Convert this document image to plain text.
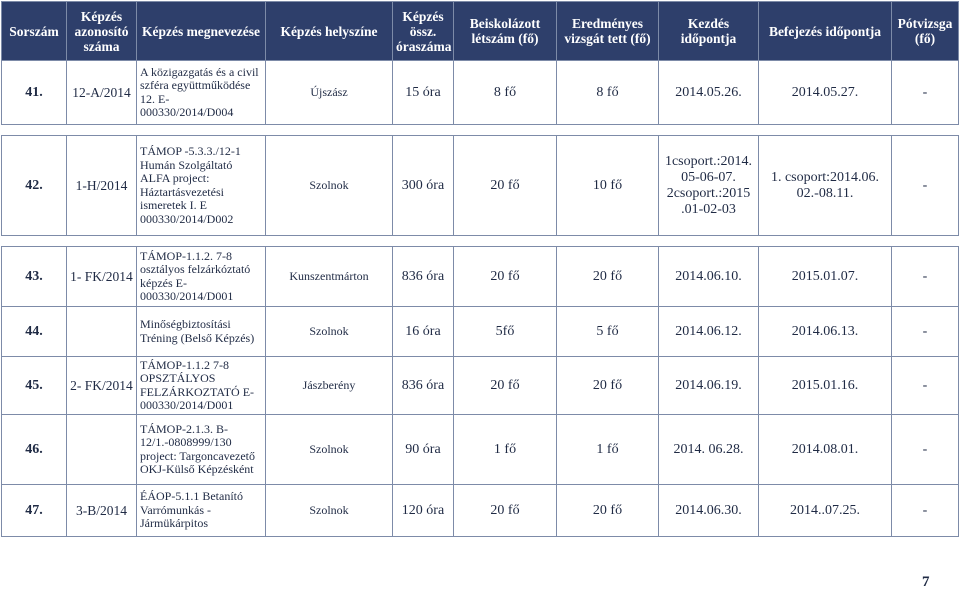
Sorszám	Képzés azonosító száma	Képzés megnevezése	Képzés helyszíne	Képzés össz. óraszáma	Beiskolázott létszám (fő)	Eredményes vizsgát tett (fő)	Kezdés időpontja	Befejezés időpontja	Pótvizsga (fő)
41.	12-A/2014	A közigazgatás és a civil szféra együttműködése 12. E-000330/2014/D004	Újszász	15 óra	8 fő	8 fő	2014.05.26.	2014.05.27.	-

42.	1-H/2014	TÁMOP -5.3.3./12-1 Humán Szolgáltató ALFA project: Háztartásvezetési ismeretek I. E 000330/2014/D002	Szolnok	300 óra	20 fő	10 fő	1csoport.:2014. 05-06-07. 2csoport.:2015 .01-02-03	1. csoport:2014.06. 02.-08.11.	-

43.	1- FK/2014	TÁMOP-1.1.2. 7-8 osztályos felzárkóztató képzés E-000330/2014/D001	Kunszentmárton	836 óra	20 fő	20 fő	2014.06.10.	2015.01.07.	-
44.		Minőségbiztosítási Tréning (Belső Képzés)	Szolnok	16 óra	5fő	5 fő	2014.06.12.	2014.06.13.	-
45.	2- FK/2014	TÁMOP-1.1.2 7-8 OPSZTÁLYOS FELZÁRKOZTATÓ E-000330/2014/D001	Jászberény	836 óra	20 fő	20 fő	2014.06.19.	2015.01.16.	-
46.		TÁMOP-2.1.3. B-12/1.-0808999/130 project: Targoncavezető OKJ-Külső Képzésként	Szolnok	90 óra	1 fő	1 fő	2014. 06.28.	2014.08.01.	-
47.	3-B/2014	ÉÁOP-5.1.1 Betanító Varrómunkás - Jármükárpitos	Szolnok	120 óra	20 fő	20 fő	2014.06.30.	2014..07.25.	-
7
